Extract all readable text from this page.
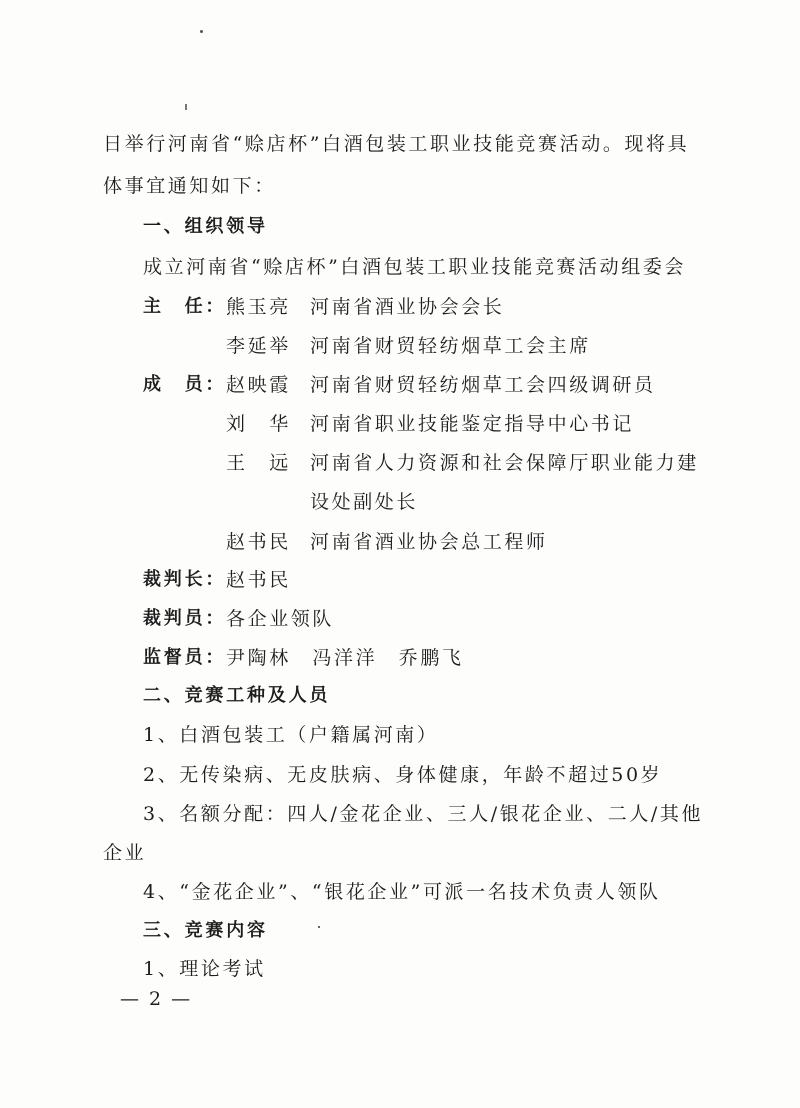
日举行河南省“赊店杯”白酒包装工职业技能竞赛活动。现将具
体事宜通知如下：
一、组织领导
成立河南省“赊店杯”白酒包装工职业技能竞赛活动组委会
主　任： 熊玉亮 河南省酒业协会会长
李延举 河南省财贸轻纺烟草工会主席
成　员： 赵映霞 河南省财贸轻纺烟草工会四级调研员
刘　华 河南省职业技能鉴定指导中心书记
王　远 河南省人力资源和社会保障厅职业能力建
设处副处长
赵书民 河南省酒业协会总工程师
裁判长： 赵书民
裁判员： 各企业领队
监督员： 尹陶林　冯洋洋　乔鹏飞
二、竞赛工种及人员
1、白酒包装工（户籍属河南）
2、无传染病、无皮肤病、身体健康，年龄不超过50岁
3、名额分配：四人/金花企业、三人/银花企业、二人/其他
企业
4、“金花企业”、“银花企业”可派一名技术负责人领队
三、竞赛内容
1、理论考试
— 2 —
